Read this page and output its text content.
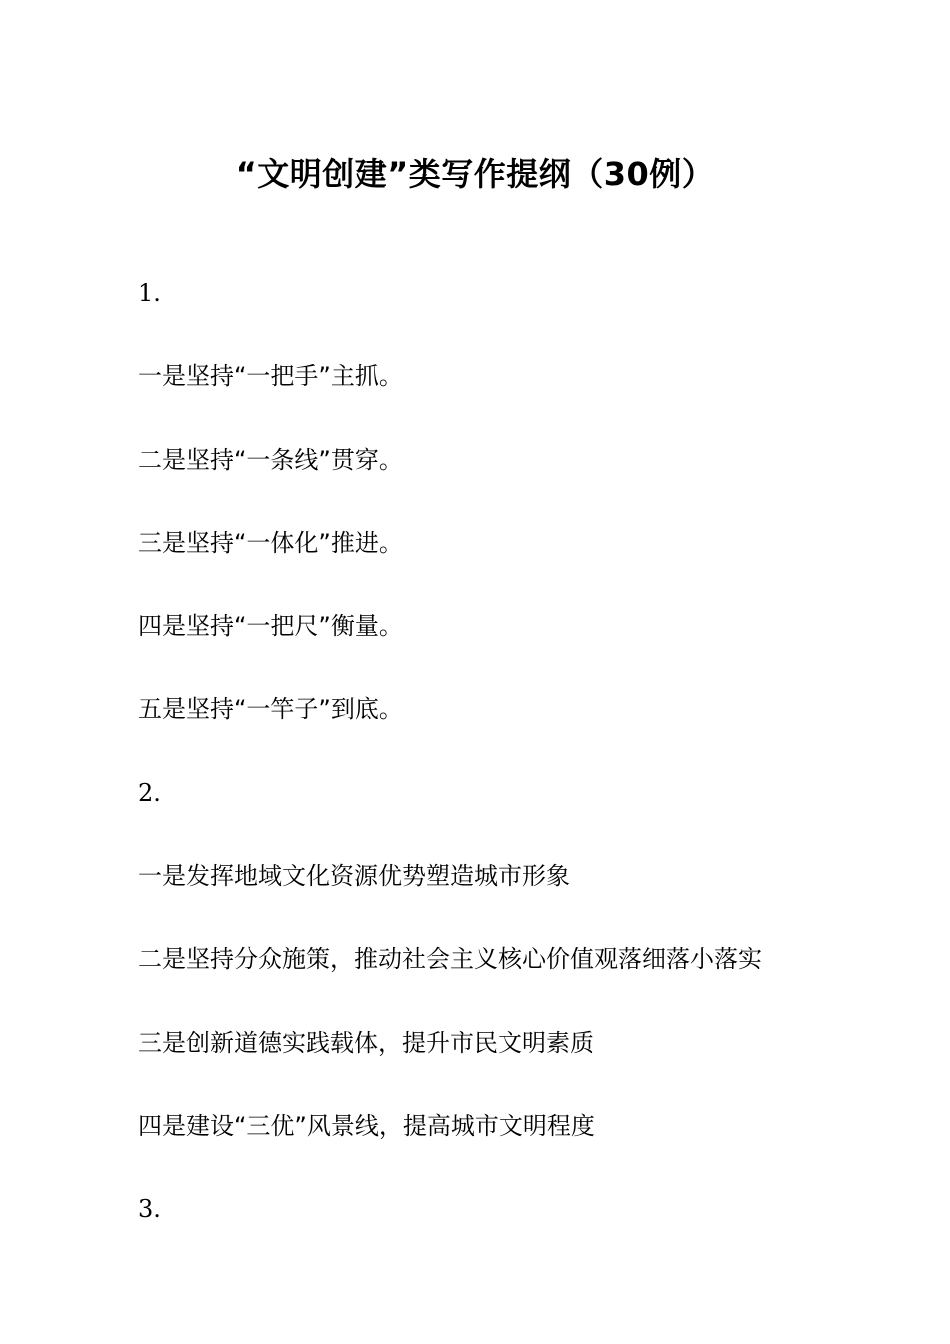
“文明创建”类写作提纲（30例）
1.
一是坚持“一把手”主抓。
二是坚持“一条线”贯穿。
三是坚持“一体化”推进。
四是坚持“一把尺”衡量。
五是坚持“一竿子”到底。
2.
一是发挥地域文化资源优势塑造城市形象
二是坚持分众施策，推动社会主义核心价值观落细落小落实
三是创新道德实践载体，提升市民文明素质
四是建设“三优”风景线，提高城市文明程度
3.
